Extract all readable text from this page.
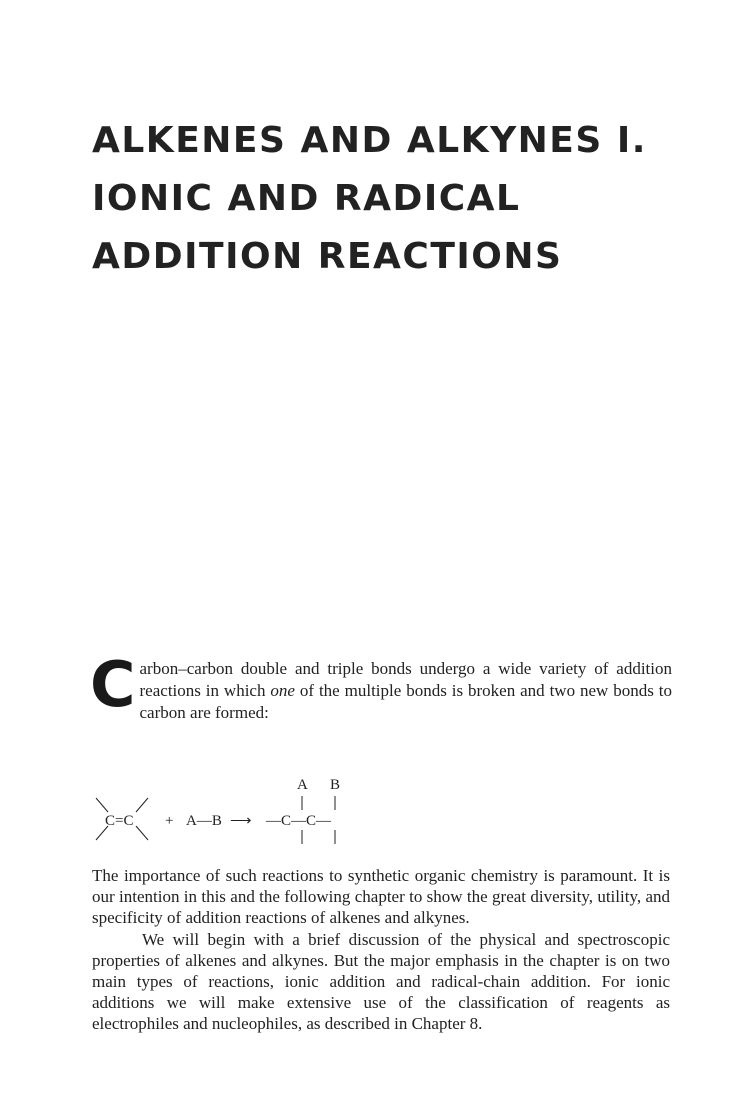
ALKENES AND ALKYNES I.
IONIC AND RADICAL
ADDITION REACTIONS
C arbon–carbon double and triple bonds undergo a wide variety of addition reactions in which one of the multiple bonds is broken and two new bonds to carbon are formed:

C=C + A—B ⟶ —C—C—
A B

The importance of such reactions to synthetic organic chemistry is paramount. It is our intention in this and the following chapter to show the great diversity, utility, and specificity of addition reactions of alkenes and alkynes.

We will begin with a brief discussion of the physical and spectroscopic properties of alkenes and alkynes. But the major emphasis in the chapter is on two main types of reactions, ionic addition and radical-chain addition. For ionic additions we will make extensive use of the classification of reagents as electrophiles and nucleophiles, as described in Chapter 8.
